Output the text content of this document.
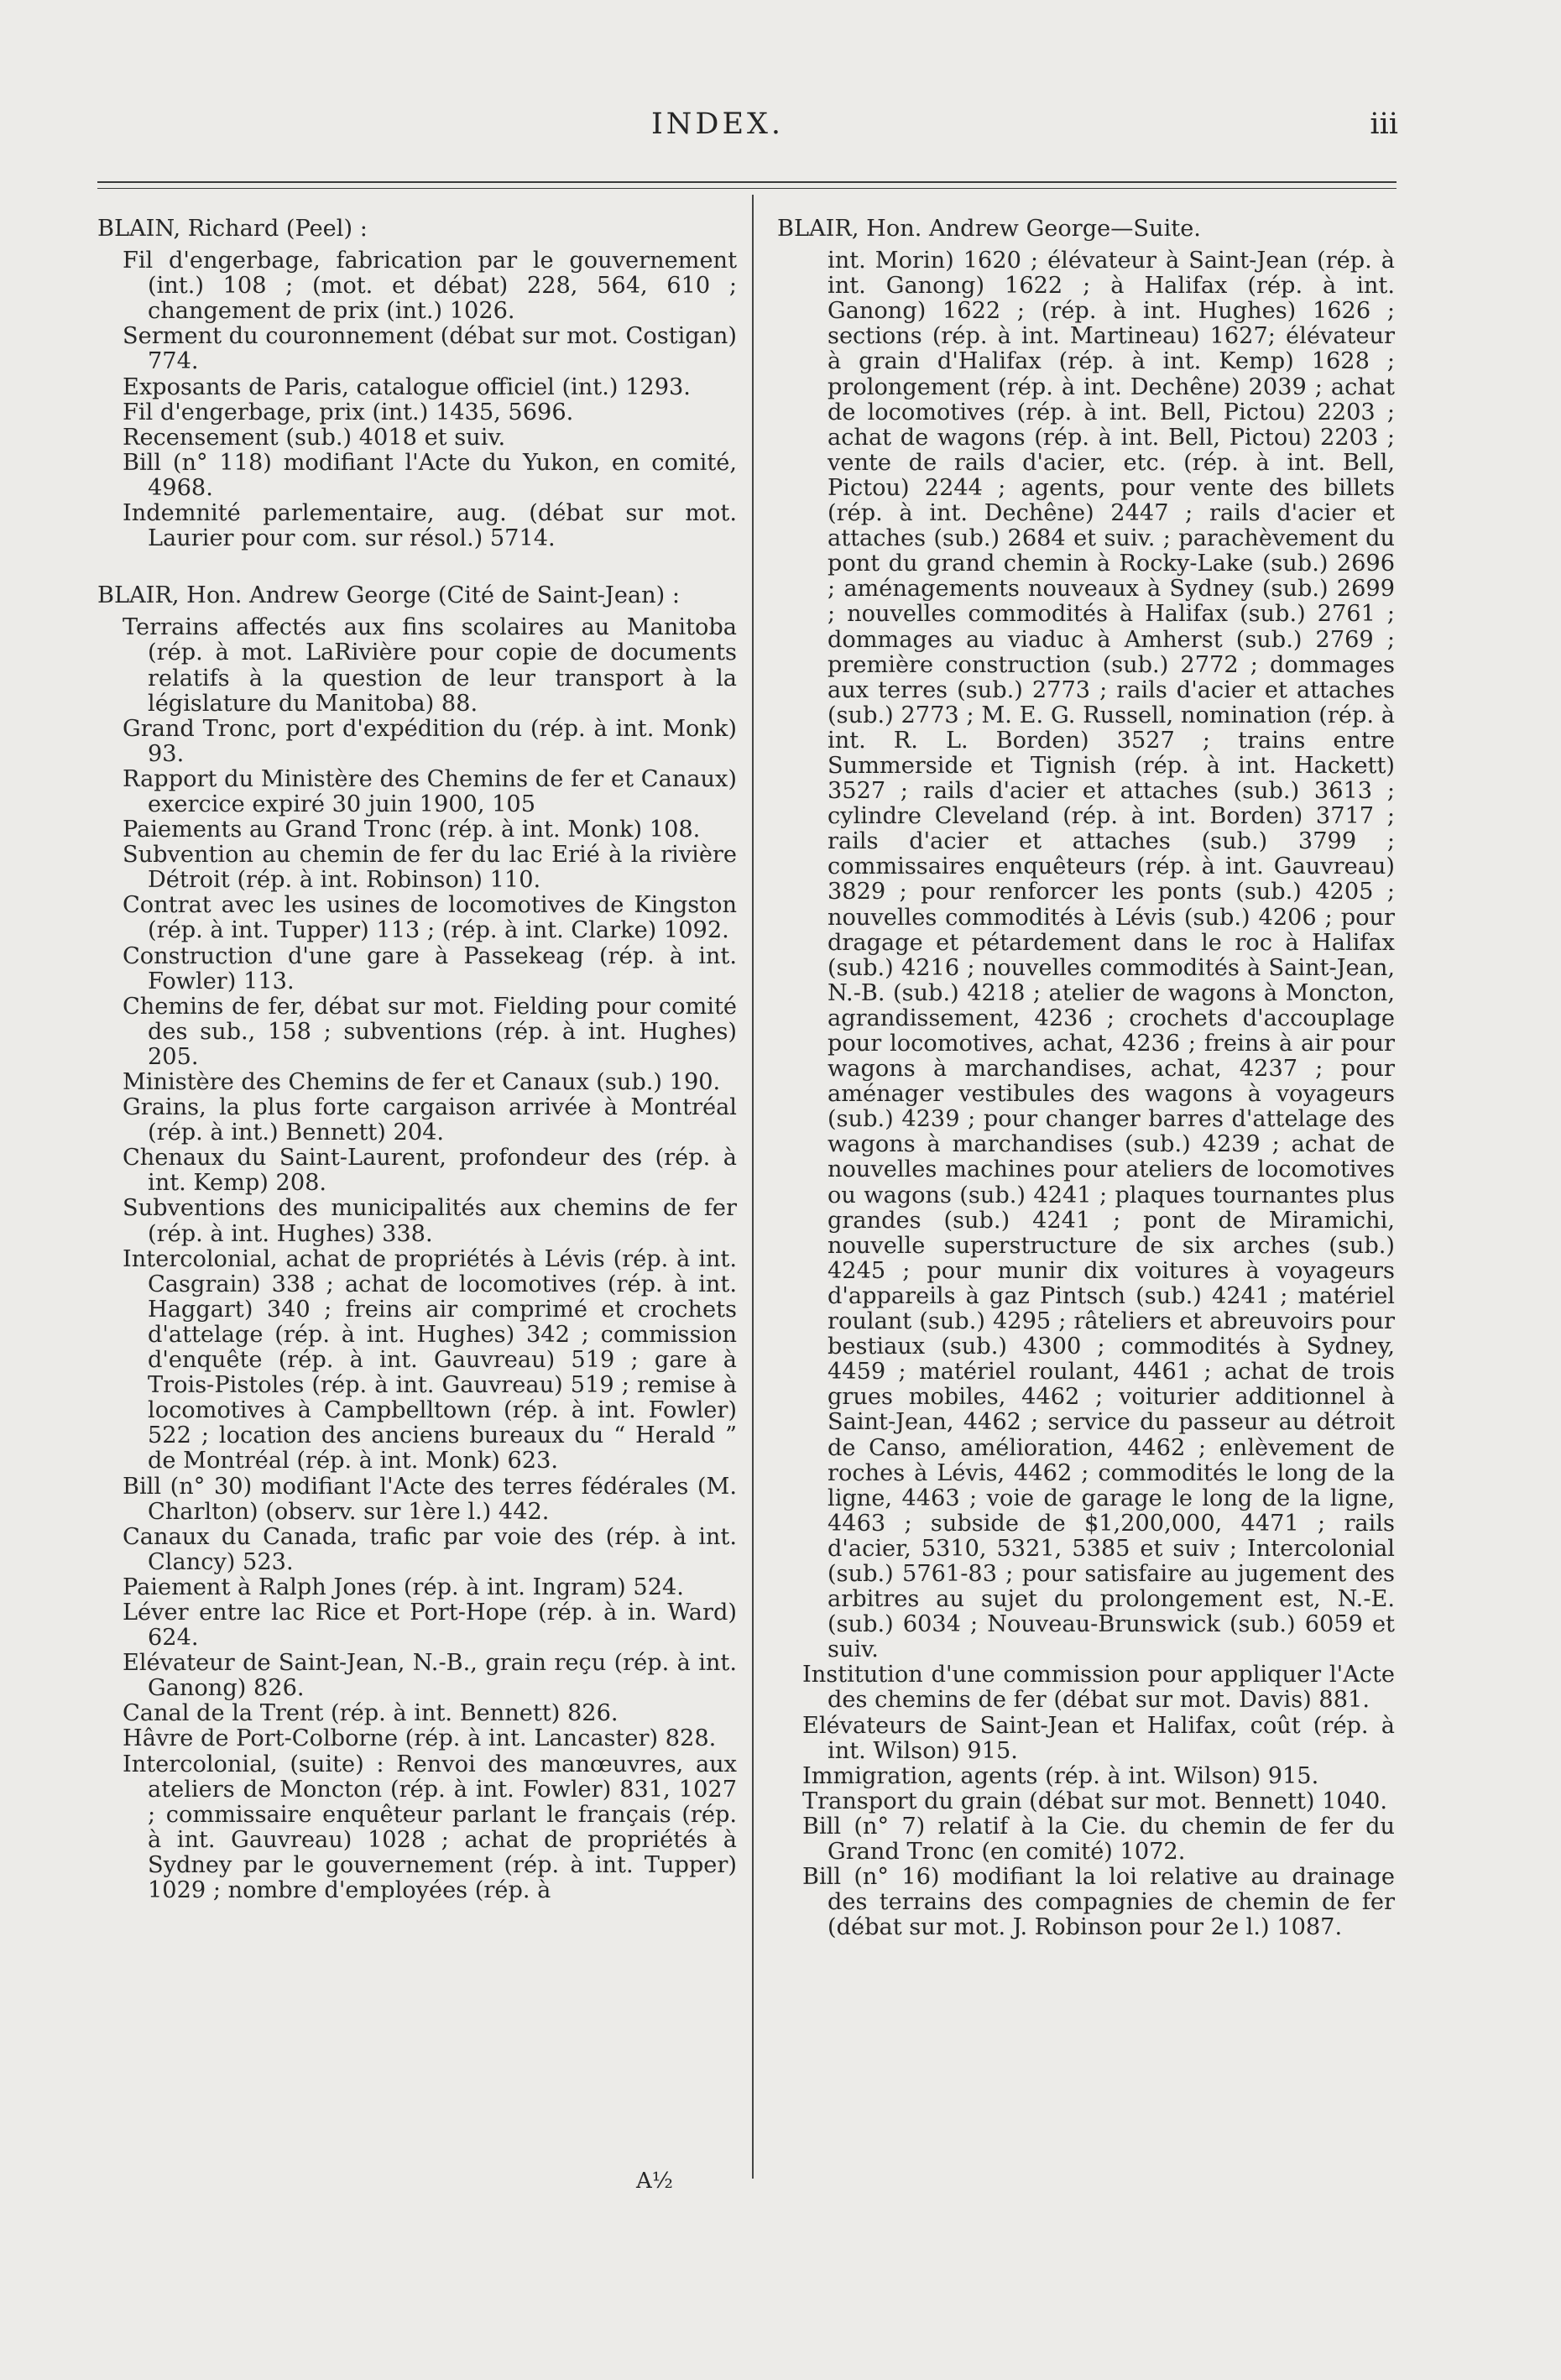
INDEX.	iii

BLAIN, Richard (Peel) :

Fil d'engerbage, fabrication par le gouvernement (int.) 108 ; (mot. et débat) 228, 564, 610 ; changement de prix (int.) 1026.

Serment du couronnement (débat sur mot. Costigan) 774.

Exposants de Paris, catalogue officiel (int.) 1293.

Fil d'engerbage, prix (int.) 1435, 5696.

Recensement (sub.) 4018 et suiv.

Bill (n° 118) modifiant l'Acte du Yukon, en comité, 4968.

Indemnité parlementaire, aug. (débat sur mot. Laurier pour com. sur résol.) 5714.

BLAIR, Hon. Andrew George (Cité de Saint-Jean) :

Terrains affectés aux fins scolaires au Manitoba (rép. à mot. LaRivière pour copie de documents relatifs à la question de leur transport à la législature du Manitoba) 88.

Grand Tronc, port d'expédition du (rép. à int. Monk) 93.

Rapport du Ministère des Chemins de fer et Canaux) exercice expiré 30 juin 1900, 105

Paiements au Grand Tronc (rép. à int. Monk) 108.

Subvention au chemin de fer du lac Erié à la rivière Détroit (rép. à int. Robinson) 110.

Contrat avec les usines de locomotives de Kingston (rép. à int. Tupper) 113 ; (rép. à int. Clarke) 1092.

Construction d'une gare à Passekeag (rép. à int. Fowler) 113.

Chemins de fer, débat sur mot. Fielding pour comité des sub., 158 ; subventions (rép. à int. Hughes) 205.

Ministère des Chemins de fer et Canaux (sub.) 190.

Grains, la plus forte cargaison arrivée à Montréal (rép. à int.) Bennett) 204.

Chenaux du Saint-Laurent, profondeur des (rép. à int. Kemp) 208.

Subventions des municipalités aux chemins de fer (rép. à int. Hughes) 338.

Intercolonial, achat de propriétés à Lévis (rép. à int. Casgrain) 338 ; achat de locomotives (rép. à int. Haggart) 340 ; freins air comprimé et crochets d'attelage (rép. à int. Hughes) 342 ; commission d'enquête (rép. à int. Gauvreau) 519 ; gare à Trois-Pistoles (rép. à int. Gauvreau) 519 ; remise à locomotives à Campbelltown (rép. à int. Fowler) 522 ; location des anciens bureaux du “ Herald ” de Montréal (rép. à int. Monk) 623.

Bill (n° 30) modifiant l'Acte des terres fédérales (M. Charlton) (observ. sur 1ère l.) 442.

Canaux du Canada, trafic par voie des (rép. à int. Clancy) 523.

Paiement à Ralph Jones (rép. à int. Ingram) 524.

Léver entre lac Rice et Port-Hope (rép. à in. Ward) 624.

Elévateur de Saint-Jean, N.-B., grain reçu (rép. à int. Ganong) 826.

Canal de la Trent (rép. à int. Bennett) 826.

Hâvre de Port-Colborne (rép. à int. Lancaster) 828.

Intercolonial, (suite) : Renvoi des manœuvres, aux ateliers de Moncton (rép. à int. Fowler) 831, 1027 ; commissaire enquêteur parlant le français (rép. à int. Gauvreau) 1028 ; achat de propriétés à Sydney par le gouvernement (rép. à int. Tupper) 1029 ; nombre d'employées (rép. à

BLAIR, Hon. Andrew George—Suite.

int. Morin) 1620 ; élévateur à Saint-Jean (rép. à int. Ganong) 1622 ; à Halifax (rép. à int. Ganong) 1622 ; (rép. à int. Hughes) 1626 ; sections (rép. à int. Martineau) 1627; élévateur à grain d'Halifax (rép. à int. Kemp) 1628 ; prolongement (rép. à int. Dechêne) 2039 ; achat de locomotives (rép. à int. Bell, Pictou) 2203 ; achat de wagons (rép. à int. Bell, Pictou) 2203 ; vente de rails d'acier, etc. (rép. à int. Bell, Pictou) 2244 ; agents, pour vente des billets (rép. à int. Dechêne) 2447 ; rails d'acier et attaches (sub.) 2684 et suiv. ; parachèvement du pont du grand chemin à Rocky-Lake (sub.) 2696 ; aménagements nouveaux à Sydney (sub.) 2699 ; nouvelles commodités à Halifax (sub.) 2761 ; dommages au viaduc à Amherst (sub.) 2769 ; première construction (sub.) 2772 ; dommages aux terres (sub.) 2773 ; rails d'acier et attaches (sub.) 2773 ; M. E. G. Russell, nomination (rép. à int. R. L. Borden) 3527 ; trains entre Summerside et Tignish (rép. à int. Hackett) 3527 ; rails d'acier et attaches (sub.) 3613 ; cylindre Cleveland (rép. à int. Borden) 3717 ; rails d'acier et attaches (sub.) 3799 ; commissaires enquêteurs (rép. à int. Gauvreau) 3829 ; pour renforcer les ponts (sub.) 4205 ; nouvelles commodités à Lévis (sub.) 4206 ; pour dragage et pétardement dans le roc à Halifax (sub.) 4216 ; nouvelles commodités à Saint-Jean, N.-B. (sub.) 4218 ; atelier de wagons à Moncton, agrandissement, 4236 ; crochets d'accouplage pour locomotives, achat, 4236 ; freins à air pour wagons à marchandises, achat, 4237 ; pour aménager vestibules des wagons à voyageurs (sub.) 4239 ; pour changer barres d'attelage des wagons à marchandises (sub.) 4239 ; achat de nouvelles machines pour ateliers de locomotives ou wagons (sub.) 4241 ; plaques tournantes plus grandes (sub.) 4241 ; pont de Miramichi, nouvelle superstructure de six arches (sub.) 4245 ; pour munir dix voitures à voyageurs d'appareils à gaz Pintsch (sub.) 4241 ; matériel roulant (sub.) 4295 ; râteliers et abreuvoirs pour bestiaux (sub.) 4300 ; commodités à Sydney, 4459 ; matériel roulant, 4461 ; achat de trois grues mobiles, 4462 ; voiturier additionnel à Saint-Jean, 4462 ; service du passeur au détroit de Canso, amélioration, 4462 ; enlèvement de roches à Lévis, 4462 ; commodités le long de la ligne, 4463 ; voie de garage le long de la ligne, 4463 ; subside de $1,200,000, 4471 ; rails d'acier, 5310, 5321, 5385 et suiv ; Intercolonial (sub.) 5761-83 ; pour satisfaire au jugement des arbitres au sujet du prolongement est, N.-E. (sub.) 6034 ; Nouveau-Brunswick (sub.) 6059 et suiv.

Institution d'une commission pour appliquer l'Acte des chemins de fer (débat sur mot. Davis) 881.

Elévateurs de Saint-Jean et Halifax, coût (rép. à int. Wilson) 915.

Immigration, agents (rép. à int. Wilson) 915.

Transport du grain (débat sur mot. Bennett) 1040.

Bill (n° 7) relatif à la Cie. du chemin de fer du Grand Tronc (en comité) 1072.

Bill (n° 16) modifiant la loi relative au drainage des terrains des compagnies de chemin de fer (débat sur mot. J. Robinson pour 2e l.) 1087.

A½
